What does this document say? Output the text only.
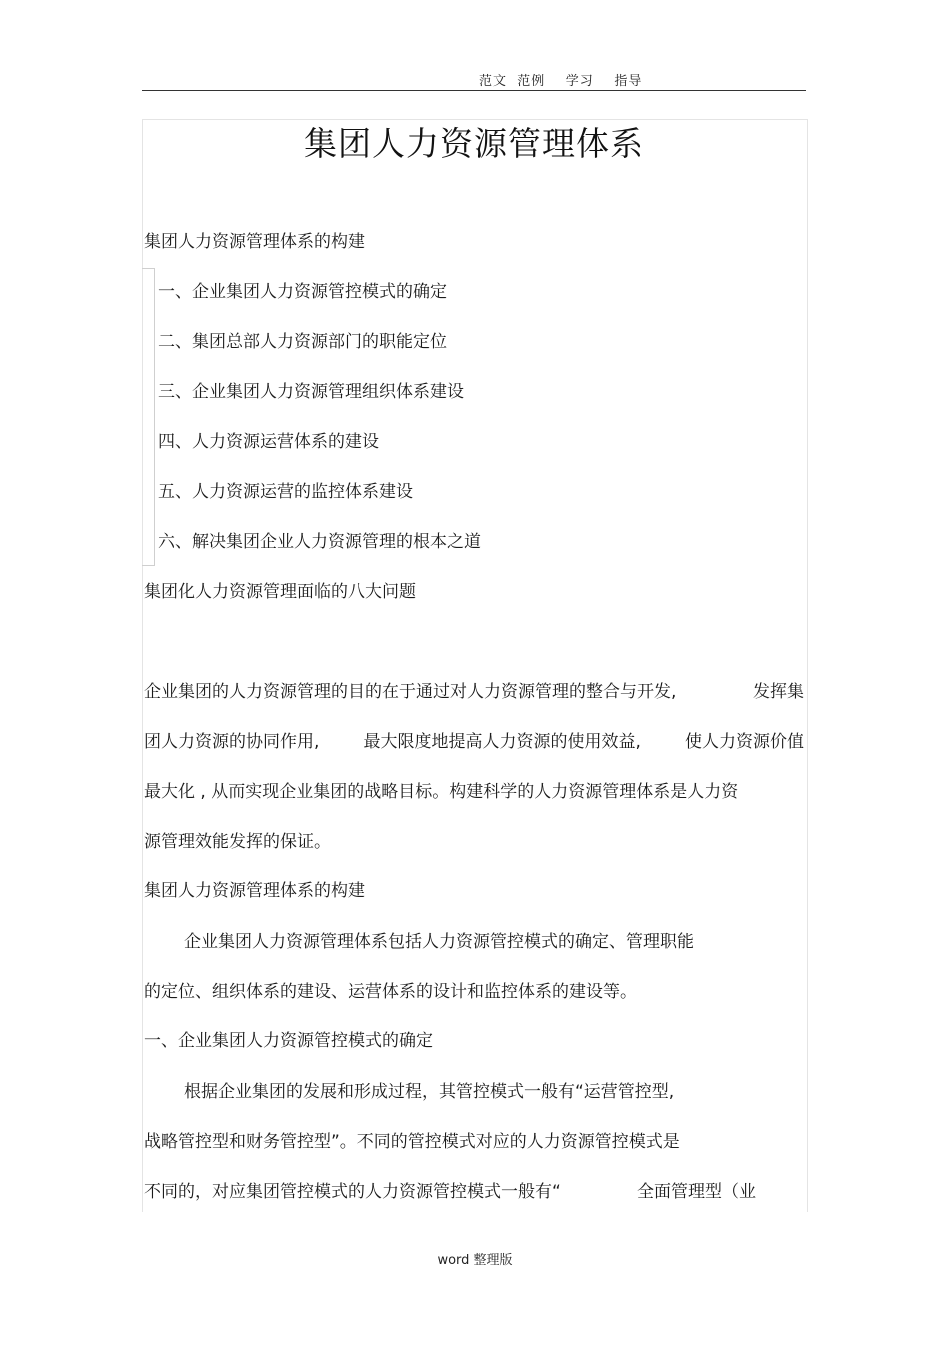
范文  范例    学习    指导
集团人力资源管理体系
集团人力资源管理体系的构建
一、企业集团人力资源管控模式的确定
二、集团总部人力资源部门的职能定位
三、企业集团人力资源管理组织体系建设
四、人力资源运营体系的建设
五、人力资源运营的监控体系建设
六、解决集团企业人力资源管理的根本之道
集团化人力资源管理面临的八大问题
企业集团的人力资源管理的目的在于通过对人力资源管理的整合与开发,	发挥集
团人力资源的协同作用,	最大限度地提高人力资源的使用效益,	使人力资源价值
最大化 , 从而实现企业集团的战略目标。构建科学的人力资源管理体系是人力资
源管理效能发挥的保证。
集团人力资源管理体系的构建
企业集团人力资源管理体系包括人力资源管控模式的确定、管理职能
的定位、组织体系的建设、运营体系的设计和监控体系的建设等。
一、企业集团人力资源管控模式的确定
根据企业集团的发展和形成过程，其管控模式一般有“运营管控型,
战略管控型和财务管控型”。不同的管控模式对应的人力资源管控模式是
不同的，对应集团管控模式的人力资源管控模式一般有“	全面管理型（业
word 整理版
